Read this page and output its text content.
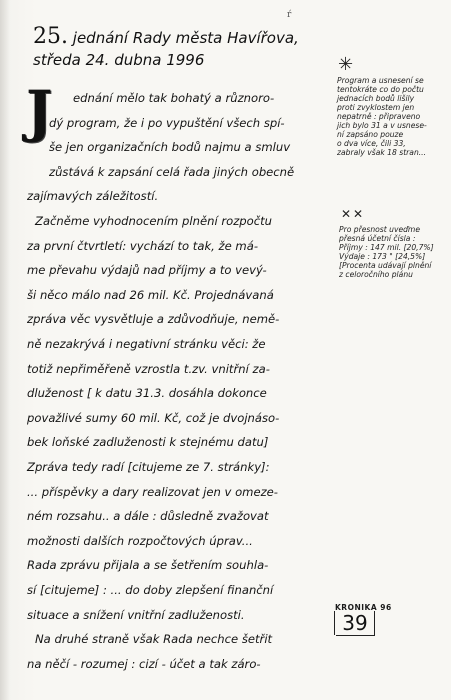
ŕ
25. jednání Rady města Havířova,
středa 24. dubna 1996
J	ednání mělo tak bohatý a různoro-
dý program, že i po vypuštění všech spí-
še jen organizačních bodů najmu a smluv
zůstává k zapsání celá řada jiných obecně
zajímavých záležitostí.
Začněme vyhodnocením plnění rozpočtu
za první čtvrtletí: vychází to tak, že má-
me převahu výdajů nad příjmy a to vevý-
ši něco málo nad 26 mil. Kč. Projednávaná
zpráva věc vysvětluje a zdůvodňuje, nemě-
ně nezakrývá i negativní stránku věci: že
totiž nepřiměřeně vzrostla t.zv. vnitřní za-
dluženost [ k datu 31.3. dosáhla dokonce
považlivé sumy 60 mil. Kč, což je dvojnáso-
bek loňské zadluženosti k stejnému datu]
Zpráva tedy radí [citujeme ze 7. stránky]:
... příspěvky a dary realizovat jen v omeze-
ném rozsahu.. a dále : důsledně zvažovat
možnosti dalších rozpočtových úprav...
Rada zprávu přijala a se šetřením souhla-
sí [citujeme] : ... do doby zlepšení finanční
situace a snížení vnitřní zadluženosti.
Na druhé straně však Rada nechce šetřit
na něčí - rozumej : cizí - účet a tak záro-
✳
Program a usnesení se
tentokráte co do počtu
jednacích bodů lišily
proti zvyklostem jen
nepatrně : připraveno
jich bylo 31 a v usnese-
ní zapsáno pouze
o dva více, čili 33,
zabraly však 18 stran...
✕✕
Pro přesnost uveďme
přesná účetní čísla :
Příjmy : 147 mil. [20,7%]
Výdaje : 173 " [24,5%]
[Procenta udávají plnění
z celoročního plánu
KRONIKA 96
39
